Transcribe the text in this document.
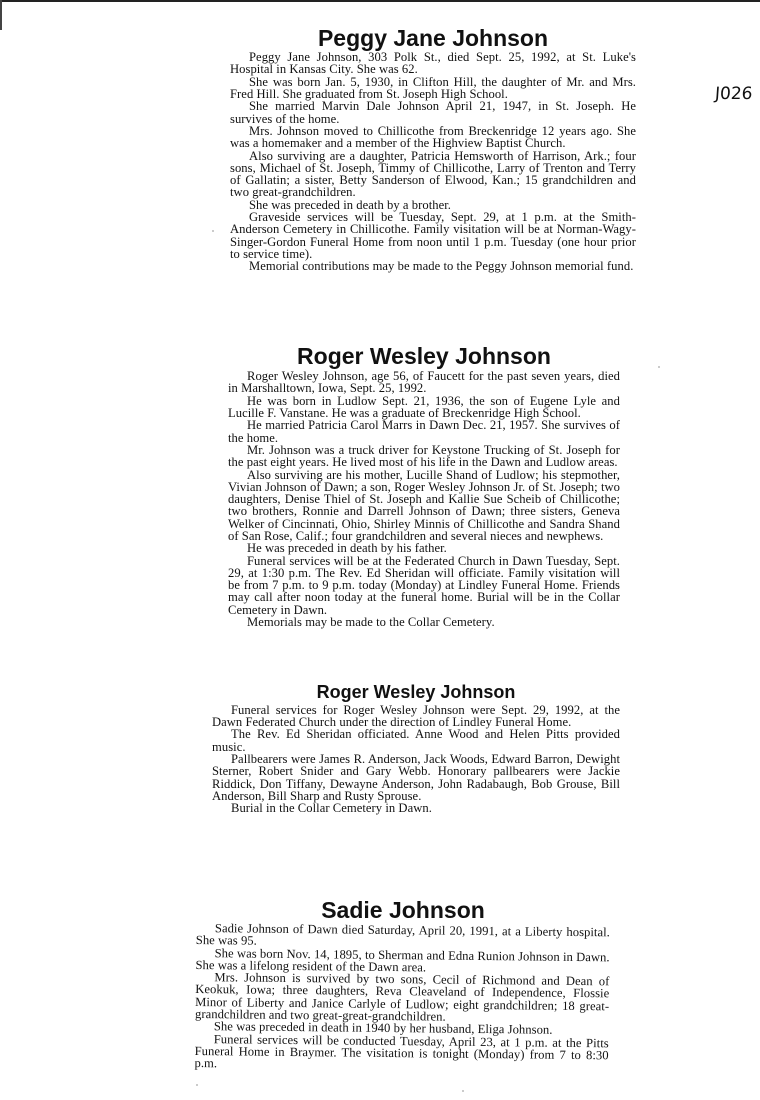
J026
Peggy Jane Johnson

Peggy Jane Johnson, 303 Polk St., died Sept. 25, 1992, at St. Luke's Hospital in Kansas City. She was 62.

She was born Jan. 5, 1930, in Clifton Hill, the daughter of Mr. and Mrs. Fred Hill. She graduated from St. Joseph High School.

She married Marvin Dale Johnson April 21, 1947, in St. Joseph. He survives of the home.

Mrs. Johnson moved to Chillicothe from Breckenridge 12 years ago. She was a homemaker and a member of the Highview Baptist Church.

Also surviving are a daughter, Patricia Hemsworth of Harrison, Ark.; four sons, Michael of St. Joseph, Timmy of Chillicothe, Larry of Trenton and Terry of Gallatin; a sister, Betty Sanderson of Elwood, Kan.; 15 grandchildren and two great-grandchildren.

She was preceded in death by a brother.

Graveside services will be Tuesday, Sept. 29, at 1 p.m. at the Smith-Anderson Cemetery in Chillicothe. Family visitation will be at Norman-Wagy-Singer-Gordon Funeral Home from noon until 1 p.m. Tuesday (one hour prior to service time).

Memorial contributions may be made to the Peggy Johnson memorial fund.

Roger Wesley Johnson

Roger Wesley Johnson, age 56, of Faucett for the past seven years, died in Marshalltown, Iowa, Sept. 25, 1992.

He was born in Ludlow Sept. 21, 1936, the son of Eugene Lyle and Lucille F. Vanstane. He was a graduate of Breckenridge High School.

He married Patricia Carol Marrs in Dawn Dec. 21, 1957. She survives of the home.

Mr. Johnson was a truck driver for Keystone Trucking of St. Joseph for the past eight years. He lived most of his life in the Dawn and Ludlow areas.

Also surviving are his mother, Lucille Shand of Ludlow; his stepmother, Vivian Johnson of Dawn; a son, Roger Wesley Johnson Jr. of St. Joseph; two daughters, Denise Thiel of St. Joseph and Kallie Sue Scheib of Chillicothe; two brothers, Ronnie and Darrell Johnson of Dawn; three sisters, Geneva Welker of Cincinnati, Ohio, Shirley Minnis of Chillicothe and Sandra Shand of San Rose, Calif.; four grandchildren and several nieces and newphews.

He was preceded in death by his father.

Funeral services will be at the Federated Church in Dawn Tuesday, Sept. 29, at 1:30 p.m. The Rev. Ed Sheridan will officiate. Family visitation will be from 7 p.m. to 9 p.m. today (Monday) at Lindley Funeral Home. Friends may call after noon today at the funeral home. Burial will be in the Collar Cemetery in Dawn.

Memorials may be made to the Collar Cemetery.

Roger Wesley Johnson

Funeral services for Roger Wesley Johnson were Sept. 29, 1992, at the Dawn Federated Church under the direction of Lindley Funeral Home.

The Rev. Ed Sheridan officiated. Anne Wood and Helen Pitts provided music.

Pallbearers were James R. Anderson, Jack Woods, Edward Barron, Dewight Sterner, Robert Snider and Gary Webb. Honorary pallbearers were Jackie Riddick, Don Tiffany, Dewayne Anderson, John Radabaugh, Bob Grouse, Bill Anderson, Bill Sharp and Rusty Sprouse.

Burial in the Collar Cemetery in Dawn.

Sadie Johnson

Sadie Johnson of Dawn died Saturday, April 20, 1991, at a Liberty hospital. She was 95.

She was born Nov. 14, 1895, to Sherman and Edna Runion Johnson in Dawn. She was a lifelong resident of the Dawn area.

Mrs. Johnson is survived by two sons, Cecil of Richmond and Dean of Keokuk, Iowa; three daughters, Reva Cleaveland of Independence, Flossie Minor of Liberty and Janice Carlyle of Ludlow; eight grandchildren; 18 great-grandchildren and two great-great-grandchildren.

She was preceded in death in 1940 by her husband, Eliga Johnson.

Funeral services will be conducted Tuesday, April 23, at 1 p.m. at the Pitts Funeral Home in Braymer. The visitation is tonight (Monday) from 7 to 8:30 p.m.
